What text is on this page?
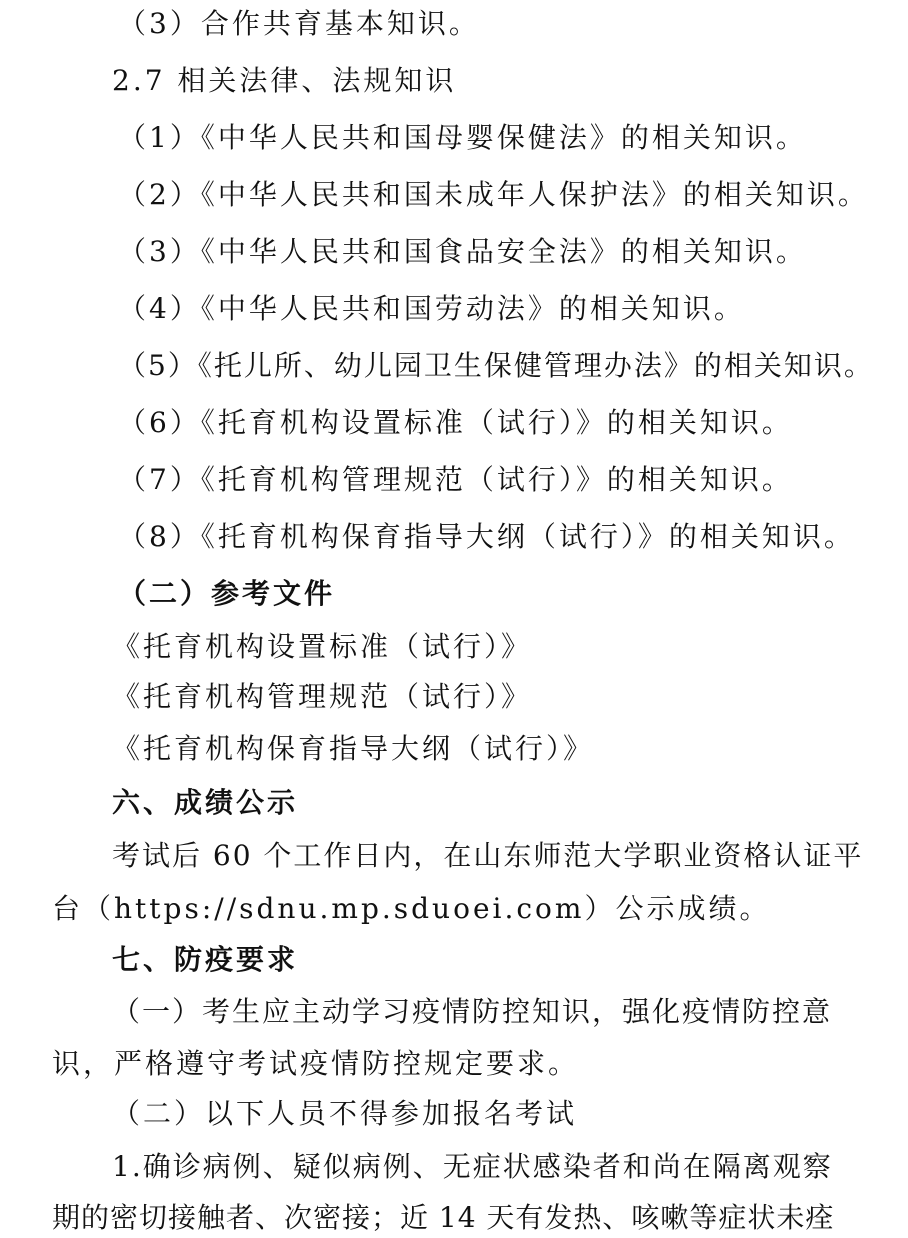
（3）合作共育基本知识。
2.7 相关法律、法规知识
（1）《中华人民共和国母婴保健法》的相关知识。
（2）《中华人民共和国未成年人保护法》的相关知识。
（3）《中华人民共和国食品安全法》的相关知识。
（4）《中华人民共和国劳动法》的相关知识。
（5）《托儿所、幼儿园卫生保健管理办法》的相关知识。
（6）《托育机构设置标准（试行）》的相关知识。
（7）《托育机构管理规范（试行）》的相关知识。
（8）《托育机构保育指导大纲（试行）》的相关知识。
（二）参考文件
《托育机构设置标准（试行）》
《托育机构管理规范（试行）》
《托育机构保育指导大纲（试行）》
六、成绩公示
考试后 60 个工作日内，在山东师范大学职业资格认证平
台（https://sdnu.mp.sduoei.com）公示成绩。
七、防疫要求
（一）考生应主动学习疫情防控知识，强化疫情防控意
识，严格遵守考试疫情防控规定要求。
（二）以下人员不得参加报名考试
1.确诊病例、疑似病例、无症状感染者和尚在隔离观察
期的密切接触者、次密接；近 14 天有发热、咳嗽等症状未痊
